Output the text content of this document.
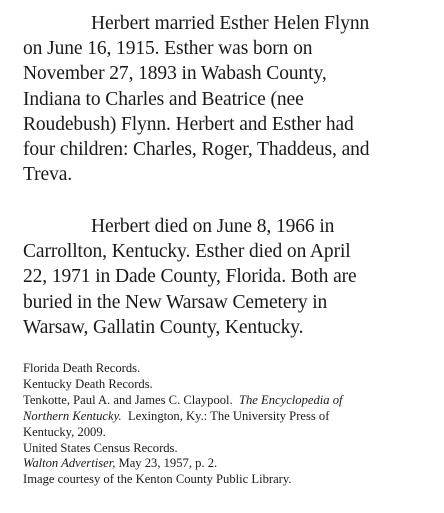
Herbert married Esther Helen Flynn
on June 16, 1915. Esther was born on
November 27, 1893 in Wabash County,
Indiana to Charles and Beatrice (nee
Roudebush) Flynn. Herbert and Esther had
four children: Charles, Roger, Thaddeus, and
Treva.

Herbert died on June 8, 1966 in
Carrollton, Kentucky. Esther died on April
22, 1971 in Dade County, Florida. Both are
buried in the New Warsaw Cemetery in
Warsaw, Gallatin County, Kentucky.

Florida Death Records.
Kentucky Death Records.
Tenkotte, Paul A. and James C. Claypool. The Encyclopedia of
Northern Kentucky. Lexington, Ky.: The University Press of
Kentucky, 2009.
United States Census Records.
Walton Advertiser, May 23, 1957, p. 2.
Image courtesy of the Kenton County Public Library.
